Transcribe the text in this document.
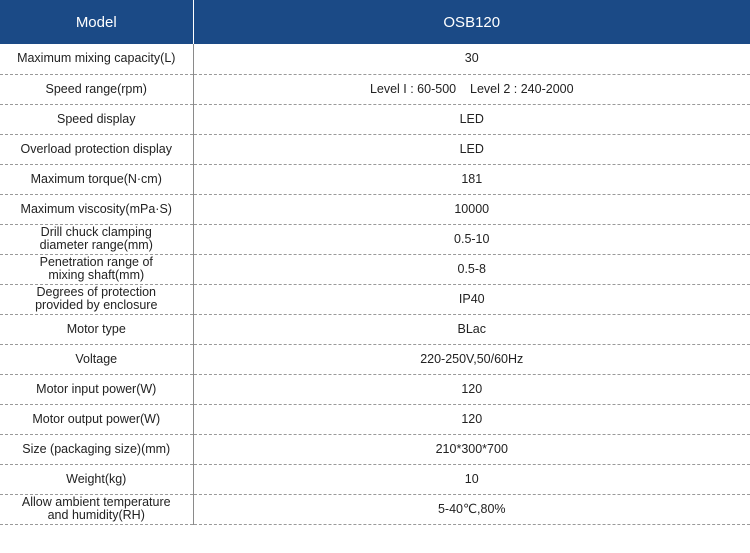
Model	OSB120
Maximum mixing capacity(L)	30
Speed range(rpm)	Level I : 60-500    Level 2 : 240-2000
Speed display	LED
Overload protection display	LED
Maximum torque(N·cm)	181
Maximum viscosity(mPa·S)	10000
Drill chuck clamping
diameter range(mm)	0.5-10
Penetration range of
mixing shaft(mm)	0.5-8
Degrees of protection
provided by enclosure	IP40
Motor type	BLac
Voltage	220-250V,50/60Hz
Motor input power(W)	120
Motor output power(W)	120
Size (packaging size)(mm)	210*300*700
Weight(kg)	10
Allow ambient temperature
and humidity(RH)	5-40℃,80%
